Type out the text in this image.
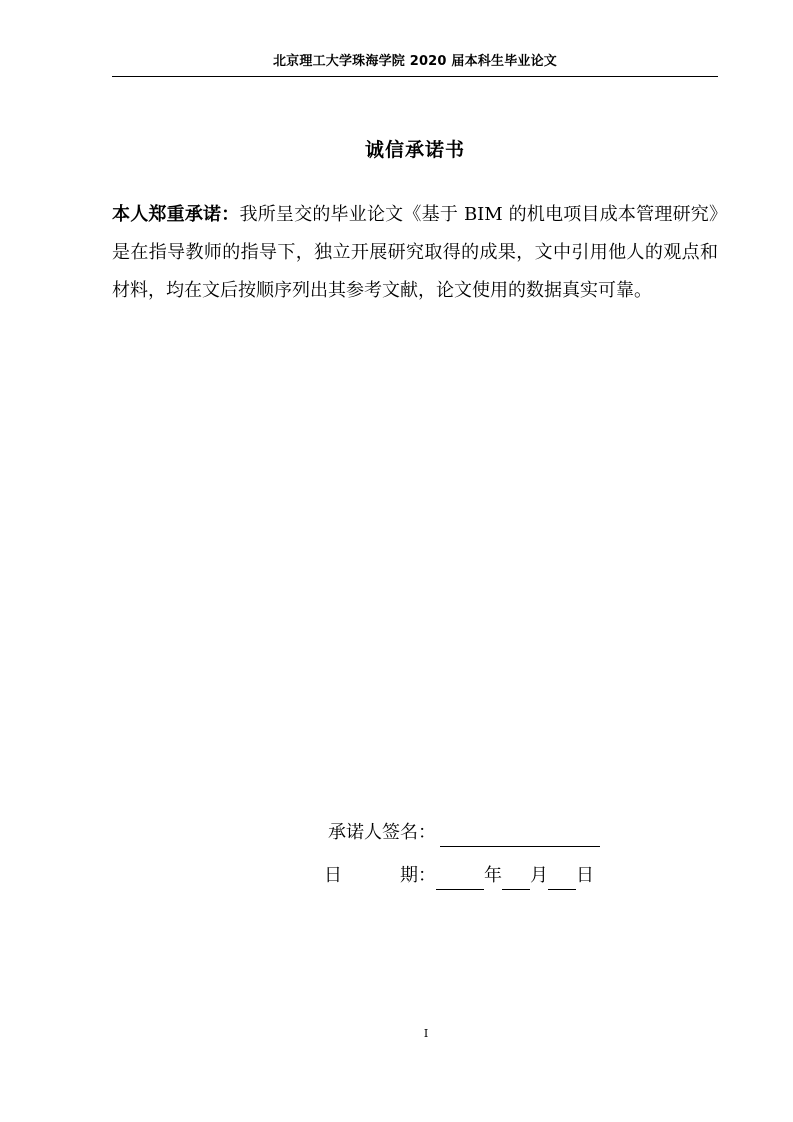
北京理工大学珠海学院 2020 届本科生毕业论文
诚信承诺书
本人郑重承诺：我所呈交的毕业论文《基于 BIM 的机电项目成本管理研究》是在指导教师的指导下，独立开展研究取得的成果，文中引用他人的观点和材料，均在文后按顺序列出其参考文献，论文使用的数据真实可靠。
承诺人签名：
日	期：	年 月 日
I
